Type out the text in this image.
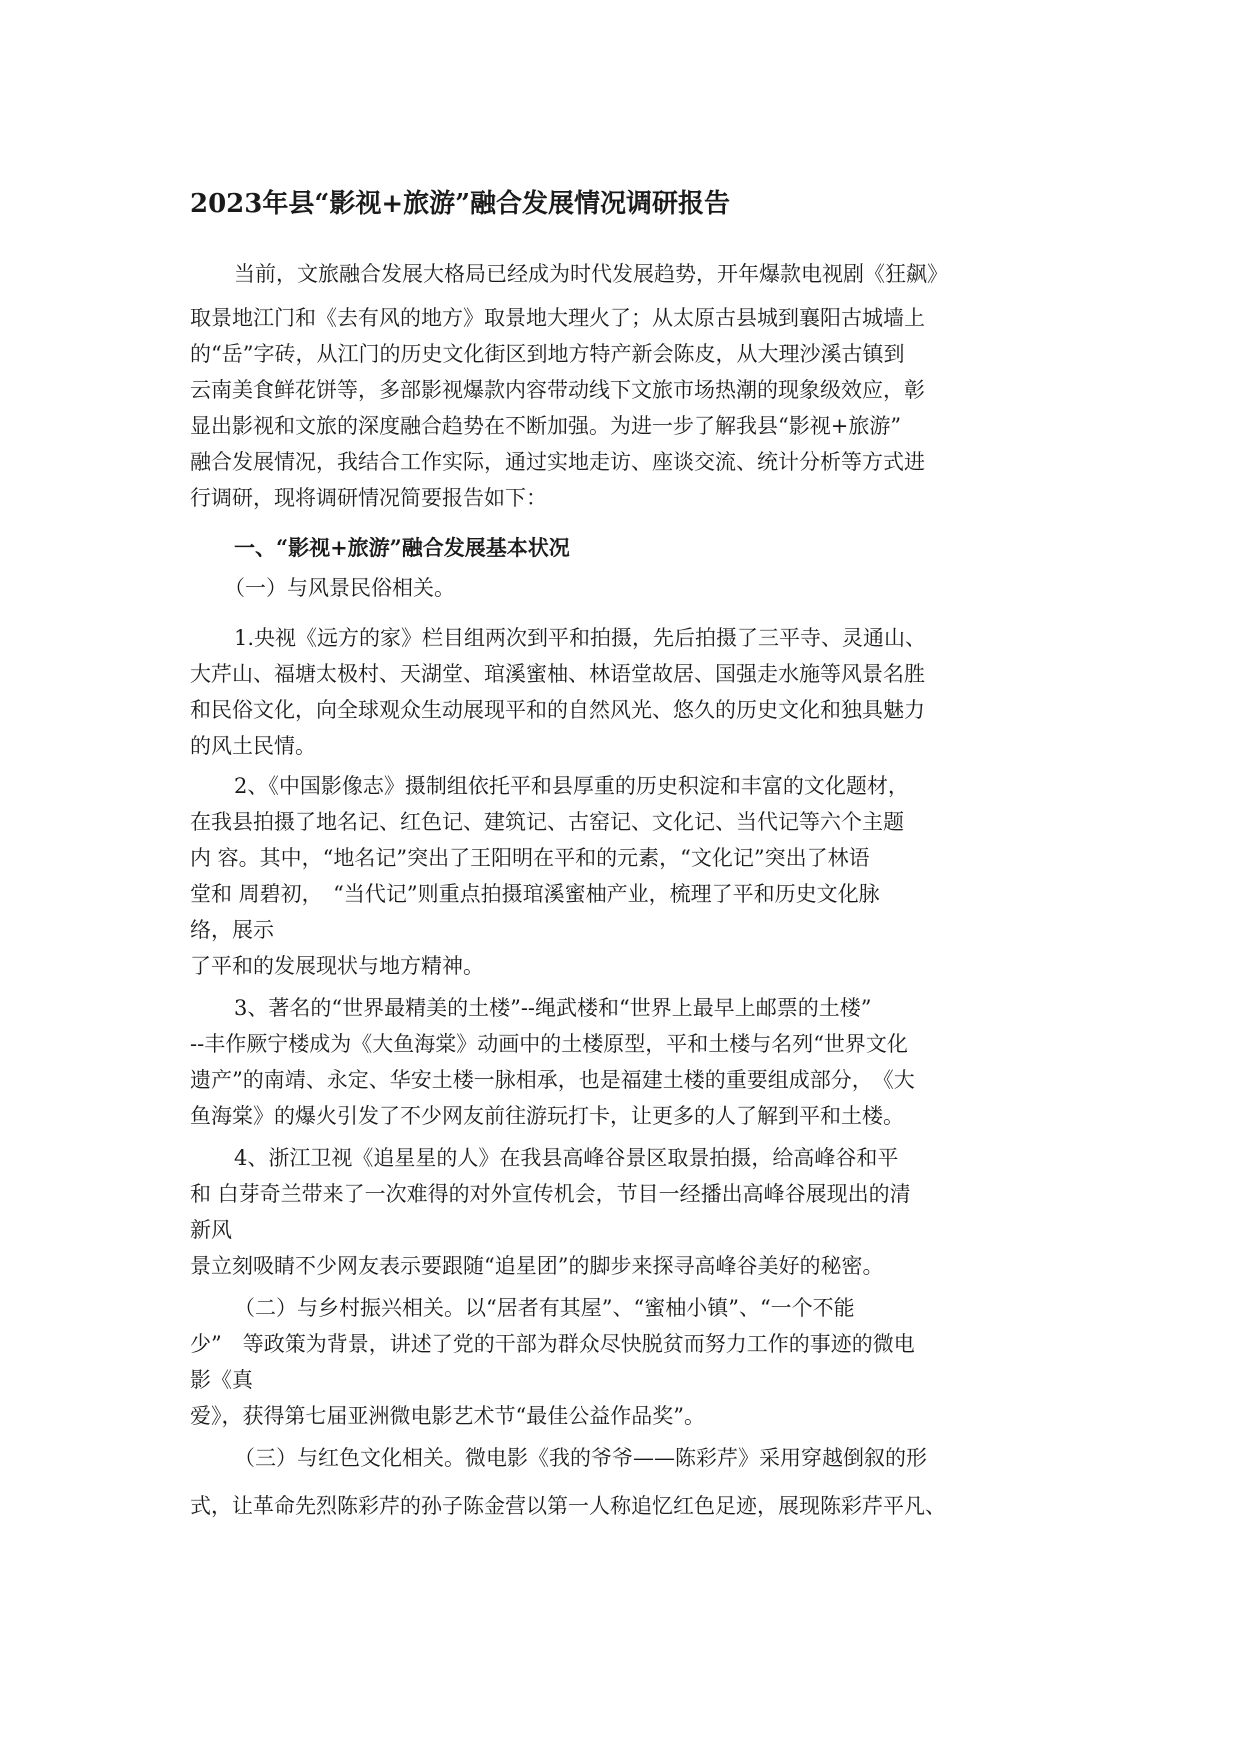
2023年县“影视+旅游”融合发展情况调研报告
当前，文旅融合发展大格局已经成为时代发展趋势，开年爆款电视剧《狂飙》
取景地江门和《去有风的地方》取景地大理火了；从太原古县城到襄阳古城墙上
的“岳”字砖，从江门的历史文化街区到地方特产新会陈皮，从大理沙溪古镇到
云南美食鲜花饼等，多部影视爆款内容带动线下文旅市场热潮的现象级效应，彰
显出影视和文旅的深度融合趋势在不断加强。为进一步了解我县“影视+旅游”
融合发展情况，我结合工作实际，通过实地走访、座谈交流、统计分析等方式进
行调研，现将调研情况简要报告如下：
一、“影视+旅游”融合发展基本状况
（一）与风景民俗相关。
1.央视《远方的家》栏目组两次到平和拍摄，先后拍摄了三平寺、灵通山、
大芹山、福塘太极村、天湖堂、琯溪蜜柚、林语堂故居、国强走水施等风景名胜
和民俗文化，向全球观众生动展现平和的自然风光、悠久的历史文化和独具魅力
的风土民情。
2、《中国影像志》摄制组依托平和县厚重的历史积淀和丰富的文化题材，
在我县拍摄了地名记、红色记、建筑记、古窑记、文化记、当代记等六个主题
内 容。其中，“地名记”突出了王阳明在平和的元素，“文化记”突出了林语
堂和 周碧初，　“当代记”则重点拍摄琯溪蜜柚产业，梳理了平和历史文化脉
络，展示
了平和的发展现状与地方精神。
3、著名的“世界最精美的土楼”--绳武楼和“世界上最早上邮票的土楼”
--丰作厥宁楼成为《大鱼海棠》动画中的土楼原型，平和土楼与名列“世界文化
遗产”的南靖、永定、华安土楼一脉相承，也是福建土楼的重要组成部分，　《大
鱼海棠》的爆火引发了不少网友前往游玩打卡，让更多的人了解到平和土楼。
4、浙江卫视《追星星的人》在我县高峰谷景区取景拍摄，给高峰谷和平
和 白芽奇兰带来了一次难得的对外宣传机会，节目一经播出高峰谷展现出的清
新风
景立刻吸睛不少网友表示要跟随“追星团”的脚步来探寻高峰谷美好的秘密。
（二）与乡村振兴相关。以“居者有其屋”、“蜜柚小镇”、“一个不能
少”　等政策为背景，讲述了党的干部为群众尽快脱贫而努力工作的事迹的微电
影《真
爱》，获得第七届亚洲微电影艺术节“最佳公益作品奖”。
（三）与红色文化相关。微电影《我的爷爷——陈彩芹》采用穿越倒叙的形
式，让革命先烈陈彩芹的孙子陈金营以第一人称追忆红色足迹，展现陈彩芹平凡、
